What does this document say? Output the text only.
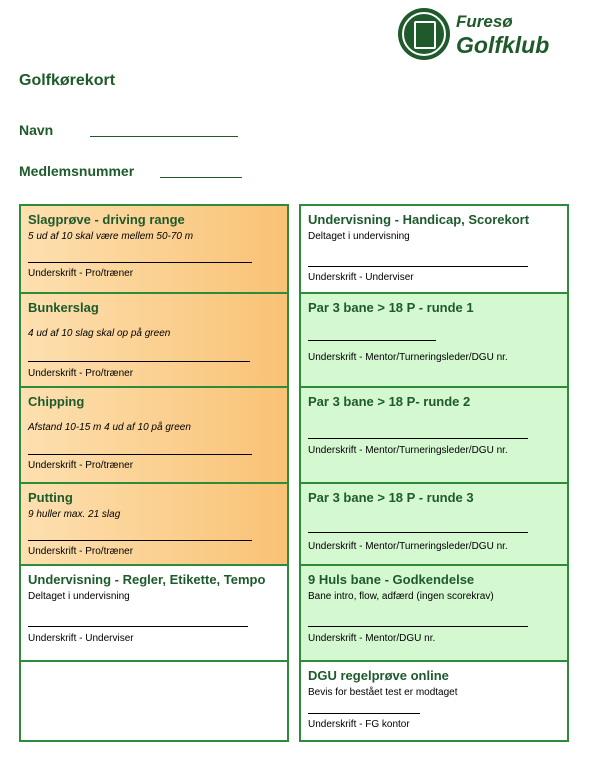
Furesø
Golfklub
Golfkørekort
Navn
Medlemsnummer
Slagprøve - driving range
5 ud af 10 skal være mellem 50-70 m
Underskrift - Pro/træner
Bunkerslag
4 ud af 10 slag skal op på green
Underskrift - Pro/træner
Chipping
Afstand 10-15 m 4 ud af 10 på green
Underskrift - Pro/træner
Putting
9 huller max. 21 slag
Underskrift - Pro/træner
Undervisning - Regler, Etikette, Tempo
Deltaget i undervisning
Underskrift - Underviser
Undervisning - Handicap, Scorekort
Deltaget i undervisning
Underskrift - Underviser
Par 3 bane > 18 P - runde 1
Underskrift - Mentor/Turneringsleder/DGU nr.
Par 3 bane > 18 P- runde 2
Underskrift - Mentor/Turneringsleder/DGU nr.
Par 3 bane > 18 P - runde 3
Underskrift - Mentor/Turneringsleder/DGU nr.
9 Huls bane - Godkendelse
Bane intro, flow, adfærd (ingen scorekrav)
Underskrift - Mentor/DGU nr.
DGU regelprøve online
Bevis for bestået test er modtaget
Underskrift - FG kontor
